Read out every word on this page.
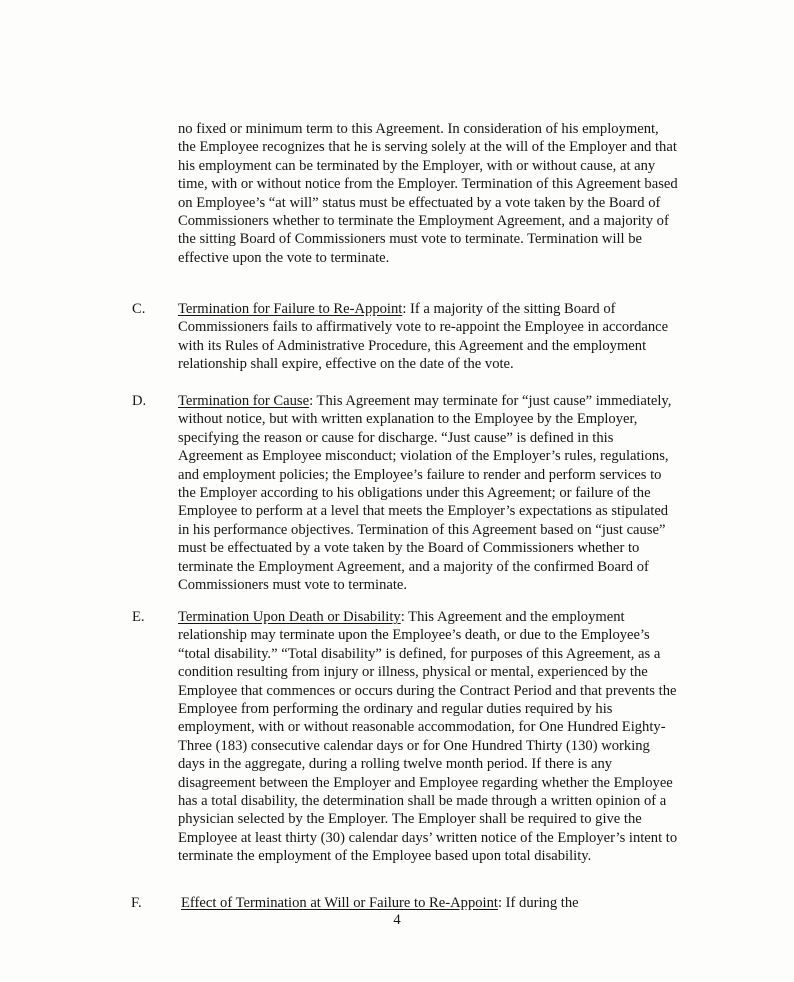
no fixed or minimum term to this Agreement. In consideration of his employment, the Employee recognizes that he is serving solely at the will of the Employer and that his employment can be terminated by the Employer, with or without cause, at any time, with or without notice from the Employer. Termination of this Agreement based on Employee’s “at will” status must be effectuated by a vote taken by the Board of Commissioners whether to terminate the Employment Agreement, and a majority of the sitting Board of Commissioners must vote to terminate. Termination will be effective upon the vote to terminate.

C. Termination for Failure to Re-Appoint: If a majority of the sitting Board of Commissioners fails to affirmatively vote to re-appoint the Employee in accordance with its Rules of Administrative Procedure, this Agreement and the employment relationship shall expire, effective on the date of the vote.

D. Termination for Cause: This Agreement may terminate for “just cause” immediately, without notice, but with written explanation to the Employee by the Employer, specifying the reason or cause for discharge. “Just cause” is defined in this Agreement as Employee misconduct; violation of the Employer’s rules, regulations, and employment policies; the Employee’s failure to render and perform services to the Employer according to his obligations under this Agreement; or failure of the Employee to perform at a level that meets the Employer’s expectations as stipulated in his performance objectives. Termination of this Agreement based on “just cause” must be effectuated by a vote taken by the Board of Commissioners whether to terminate the Employment Agreement, and a majority of the confirmed Board of Commissioners must vote to terminate.

E. Termination Upon Death or Disability: This Agreement and the employment relationship may terminate upon the Employee’s death, or due to the Employee’s “total disability.” “Total disability” is defined, for purposes of this Agreement, as a condition resulting from injury or illness, physical or mental, experienced by the Employee that commences or occurs during the Contract Period and that prevents the Employee from performing the ordinary and regular duties required by his employment, with or without reasonable accommodation, for One Hundred Eighty-Three (183) consecutive calendar days or for One Hundred Thirty (130) working days in the aggregate, during a rolling twelve month period. If there is any disagreement between the Employer and Employee regarding whether the Employee has a total disability, the determination shall be made through a written opinion of a physician selected by the Employer. The Employer shall be required to give the Employee at least thirty (30) calendar days’ written notice of the Employer’s intent to terminate the employment of the Employee based upon total disability.

F.	Effect of Termination at Will or Failure to Re-Appoint: If during the

4
